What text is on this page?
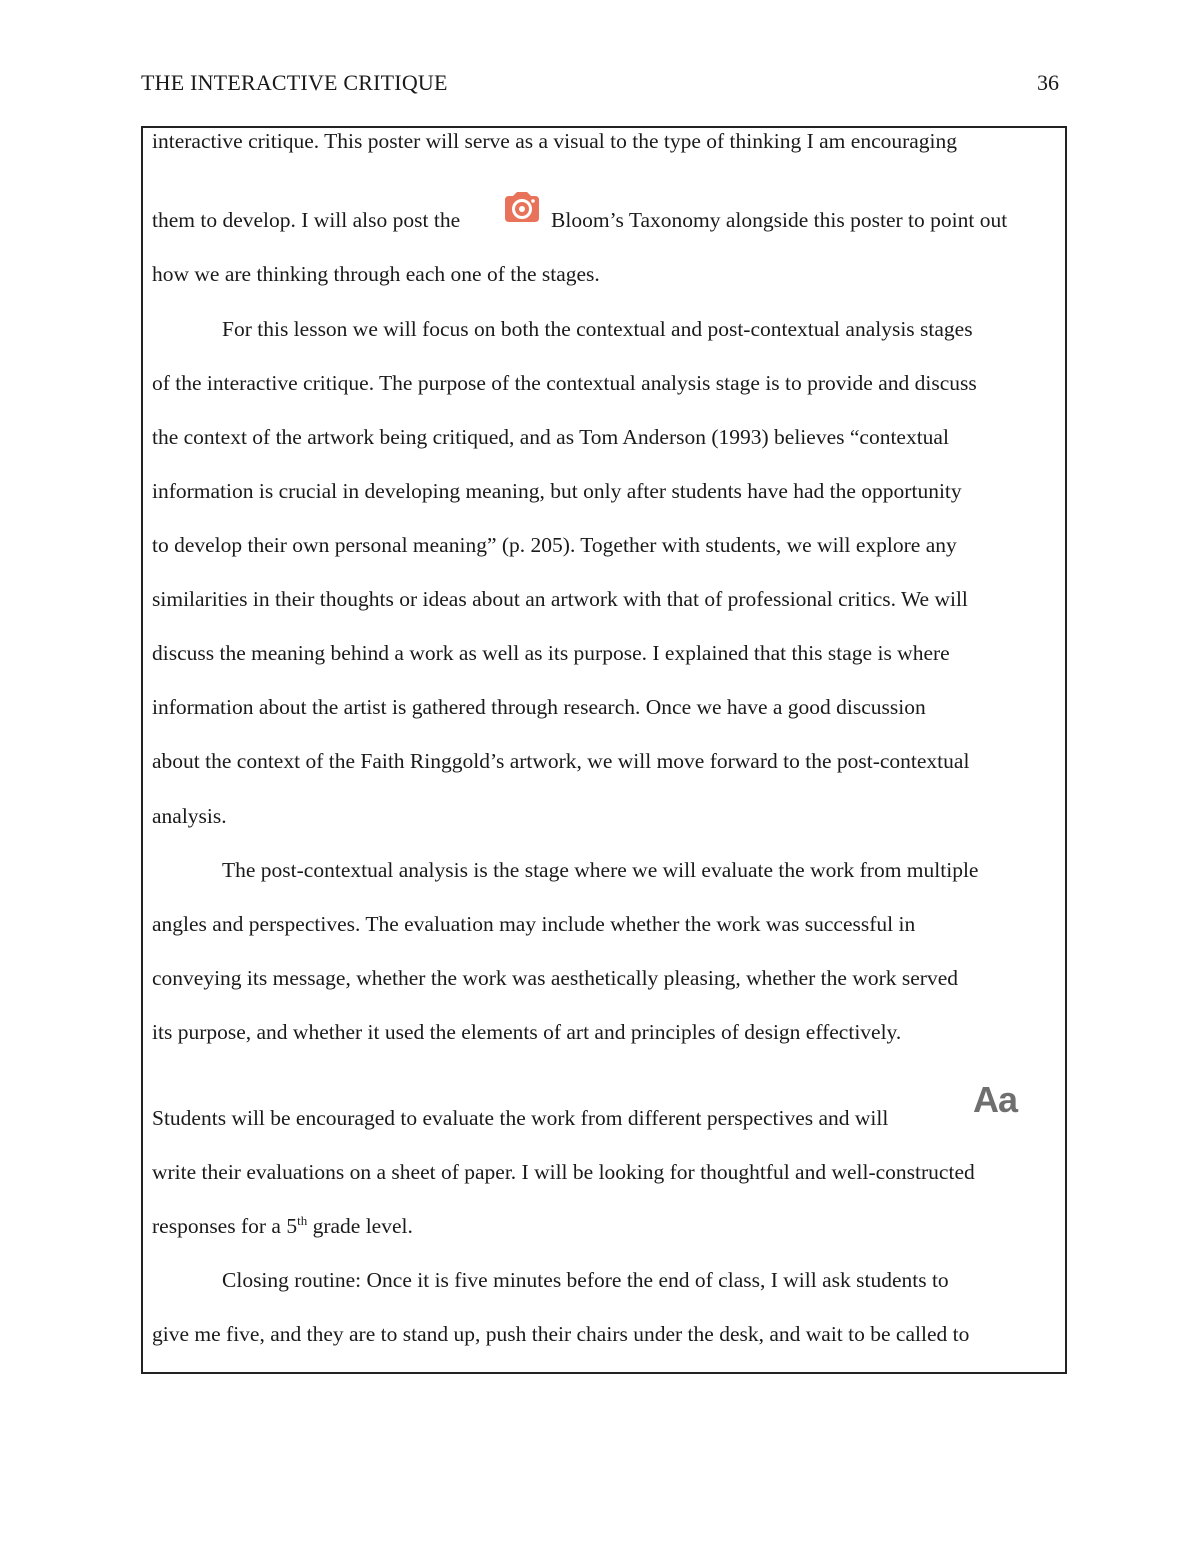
THE INTERACTIVE CRITIQUE	36
interactive critique. This poster will serve as a visual to the type of thinking I am encouraging
them to develop. I will also post the	Bloom’s Taxonomy alongside this poster to point out
how we are thinking through each one of the stages.
For this lesson we will focus on both the contextual and post-contextual analysis stages
of the interactive critique. The purpose of the contextual analysis stage is to provide and discuss
the context of the artwork being critiqued, and as Tom Anderson (1993) believes “contextual
information is crucial in developing meaning, but only after students have had the opportunity
to develop their own personal meaning” (p. 205). Together with students, we will explore any
similarities in their thoughts or ideas about an artwork with that of professional critics. We will
discuss the meaning behind a work as well as its purpose. I explained that this stage is where
information about the artist is gathered through research. Once we have a good discussion
about the context of the Faith Ringgold’s artwork, we will move forward to the post-contextual
analysis.
The post-contextual analysis is the stage where we will evaluate the work from multiple
angles and perspectives. The evaluation may include whether the work was successful in
conveying its message, whether the work was aesthetically pleasing, whether the work served
its purpose, and whether it used the elements of art and principles of design effectively.
Students will be encouraged to evaluate the work from different perspectives and will Aa
write their evaluations on a sheet of paper. I will be looking for thoughtful and well-constructed
responses for a 5th grade level.
Closing routine: Once it is five minutes before the end of class, I will ask students to
give me five, and they are to stand up, push their chairs under the desk, and wait to be called to
